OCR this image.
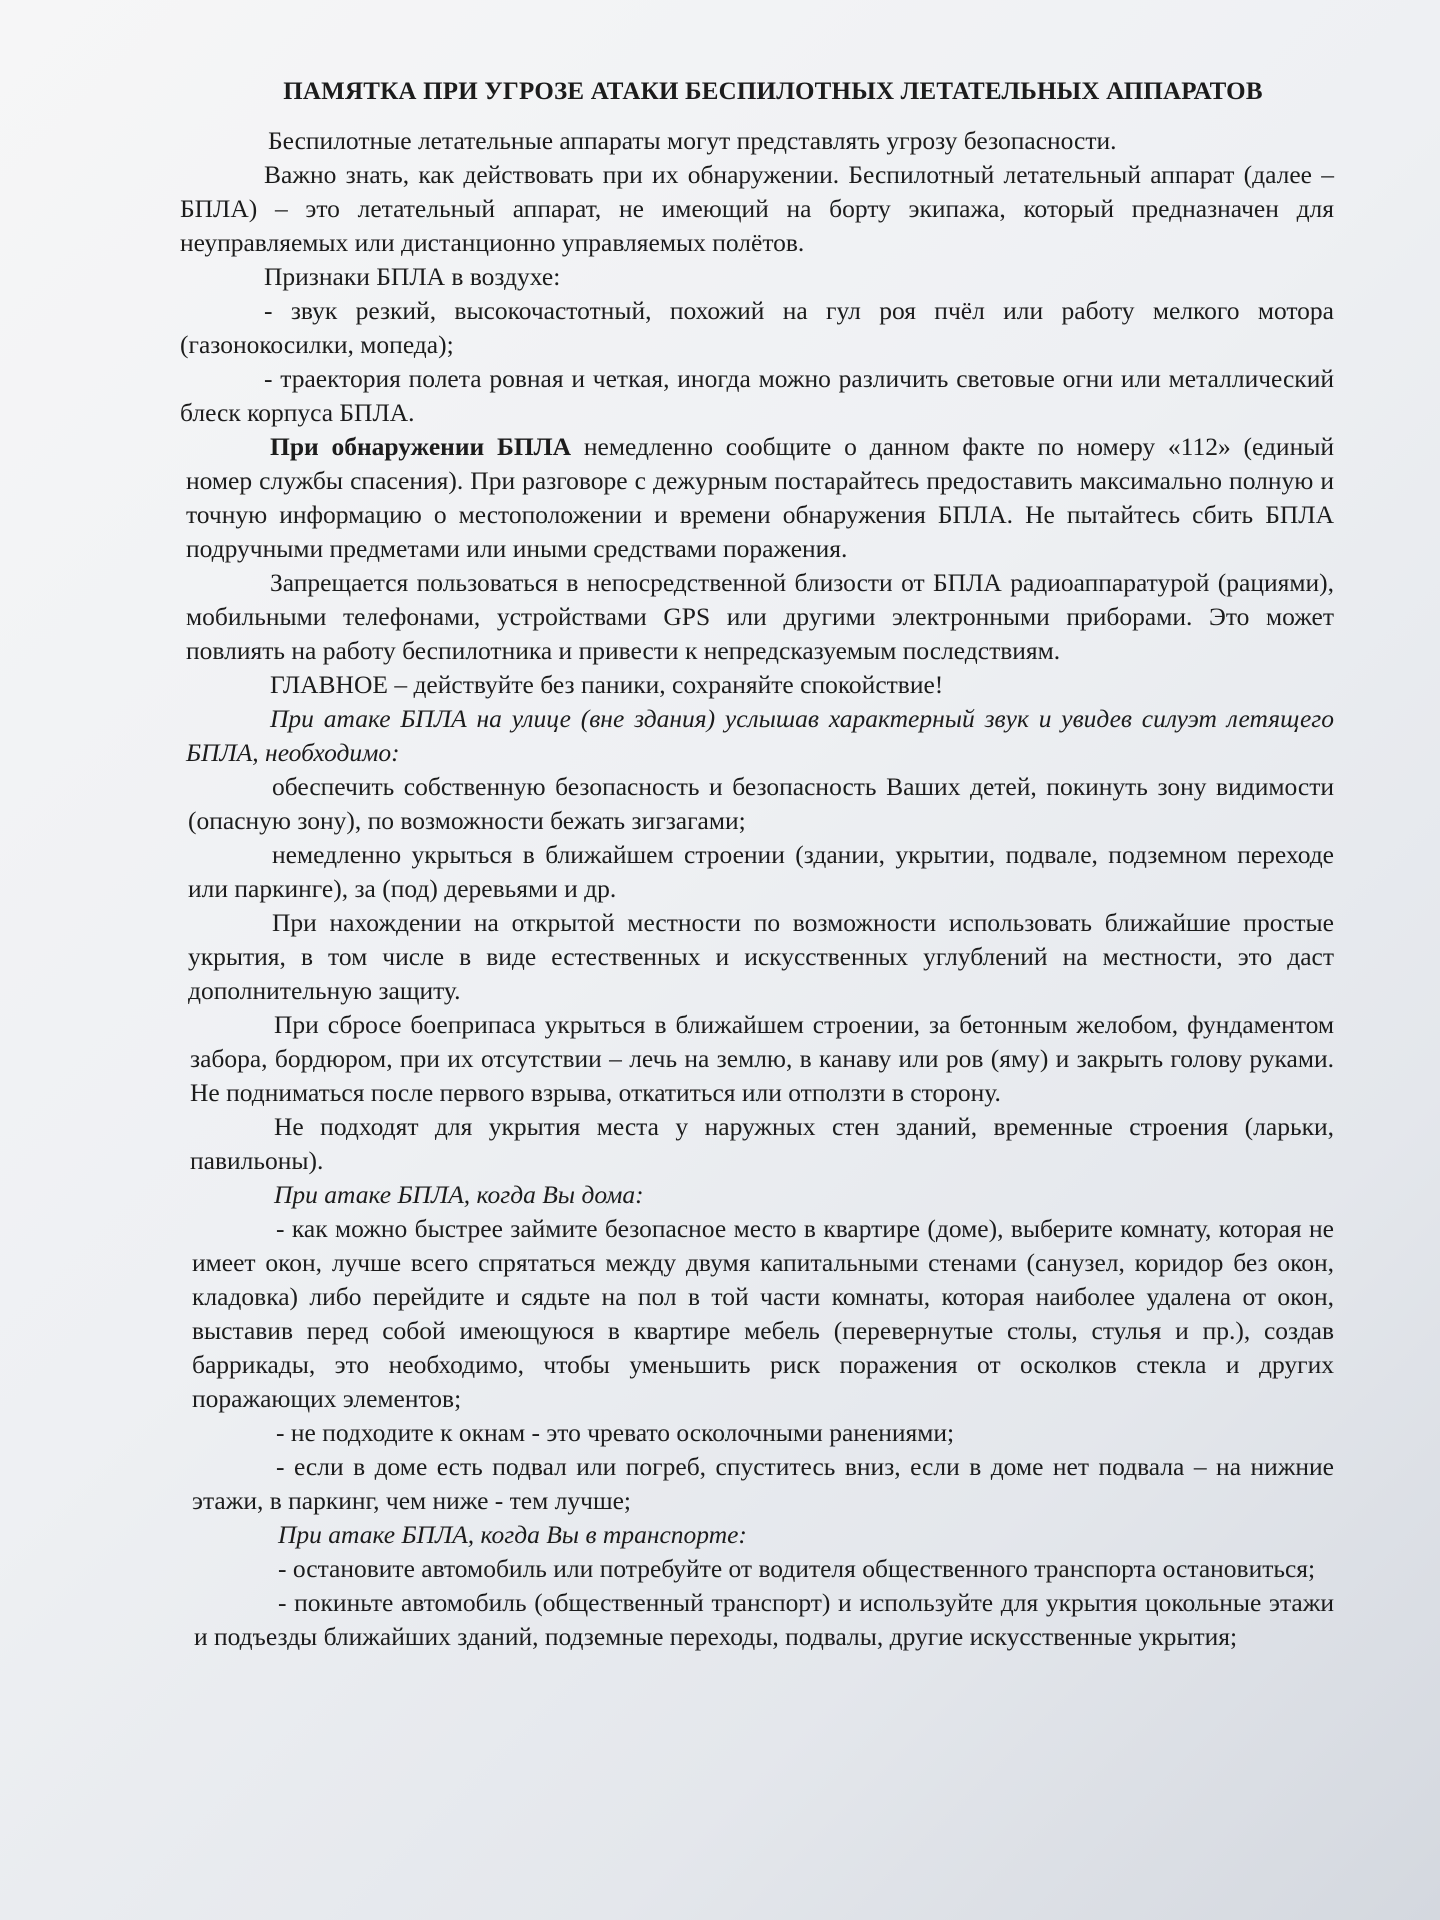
ПАМЯТКА ПРИ УГРОЗЕ АТАКИ БЕСПИЛОТНЫХ ЛЕТАТЕЛЬНЫХ АППАРАТОВ

Беспилотные летательные аппараты могут представлять угрозу безопасности.

Важно знать, как действовать при их обнаружении. Беспилотный летательный аппарат (далее – БПЛА) – это летательный аппарат, не имеющий на борту экипажа, который предназначен для неуправляемых или дистанционно управляемых полётов.

Признаки БПЛА в воздухе:

- звук резкий, высокочастотный, похожий на гул роя пчёл или работу мелкого мотора (газонокосилки, мопеда);

- траектория полета ровная и четкая, иногда можно различить световые огни или металлический блеск корпуса БПЛА.

При обнаружении БПЛА немедленно сообщите о данном факте по номеру «112» (единый номер службы спасения). При разговоре с дежурным постарайтесь предоставить максимально полную и точную информацию о местоположении и времени обнаружения БПЛА. Не пытайтесь сбить БПЛА подручными предметами или иными средствами поражения.

Запрещается пользоваться в непосредственной близости от БПЛА радиоаппаратурой (рациями), мобильными телефонами, устройствами GPS или другими электронными приборами. Это может повлиять на работу беспилотника и привести к непредсказуемым последствиям.

ГЛАВНОЕ – действуйте без паники, сохраняйте спокойствие!

При атаке БПЛА на улице (вне здания) услышав характерный звук и увидев силуэт летящего БПЛА, необходимо:

обеспечить собственную безопасность и безопасность Ваших детей, покинуть зону видимости (опасную зону), по возможности бежать зигзагами;

немедленно укрыться в ближайшем строении (здании, укрытии, подвале, подземном переходе или паркинге), за (под) деревьями и др.

При нахождении на открытой местности по возможности использовать ближайшие простые укрытия, в том числе в виде естественных и искусственных углублений на местности, это даст дополнительную защиту.

При сбросе боеприпаса укрыться в ближайшем строении, за бетонным желобом, фундаментом забора, бордюром, при их отсутствии – лечь на землю, в канаву или ров (яму) и закрыть голову руками. Не подниматься после первого взрыва, откатиться или отползти в сторону.

Не подходят для укрытия места у наружных стен зданий, временные строения (ларьки, павильоны).

При атаке БПЛА, когда Вы дома:

- как можно быстрее займите безопасное место в квартире (доме), выберите комнату, которая не имеет окон, лучше всего спрятаться между двумя капитальными стенами (санузел, коридор без окон, кладовка) либо перейдите и сядьте на пол в той части комнаты, которая наиболее удалена от окон, выставив перед собой имеющуюся в квартире мебель (перевернутые столы, стулья и пр.), создав баррикады, это необходимо, чтобы уменьшить риск поражения от осколков стекла и других поражающих элементов;

- не подходите к окнам - это чревато осколочными ранениями;

- если в доме есть подвал или погреб, спуститесь вниз, если в доме нет подвала – на нижние этажи, в паркинг, чем ниже - тем лучше;

При атаке БПЛА, когда Вы в транспорте:

- остановите автомобиль или потребуйте от водителя общественного транспорта остановиться;

- покиньте автомобиль (общественный транспорт) и используйте для укрытия цокольные этажи и подъезды ближайших зданий, подземные переходы, подвалы, другие искусственные укрытия;
